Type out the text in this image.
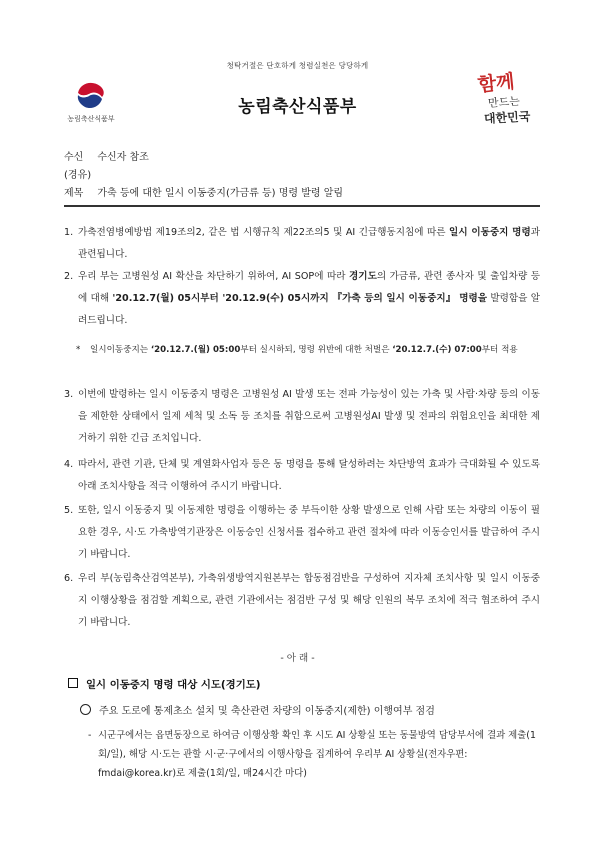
청탁거절은 단호하게 청렴실천은 당당하게
농림축산식품부
농림축산식품부
함께
만드는
대한민국
수신 수신자 참조
(경유)
제목 가축 등에 대한 일시 이동중지(가금류 등) 명령 발령 알림
1. 가축전염병예방법 제19조의2, 같은 법 시행규칙 제22조의5 및 AI 긴급행동지침에 따른 일시 이동중지 명령과 관련됩니다.
2. 우리 부는 고병원성 AI 확산을 차단하기 위하여, AI SOP에 따라 경기도의 가금류, 관련 종사자 및 출입차량 등에 대해 '20.12.7(월) 05시부터 '20.12.9(수) 05시까지 『가축 등의 일시 이동중지』 명령을 발령함을 알려드립니다.
*	일시이동중지는 ‘20.12.7.(월) 05:00부터 실시하되, 명령 위반에 대한 처벌은 ‘20.12.7.(수) 07:00부터 적용
3. 이번에 발령하는 일시 이동중지 명령은 고병원성 AI 발생 또는 전파 가능성이 있는 가축 및 사람·차량 등의 이동을 제한한 상태에서 일제 세척 및 소독 등 조치를 취함으로써 고병원성AI 발생 및 전파의 위험요인을 최대한 제거하기 위한 긴급 조치입니다.
4. 따라서, 관련 기관, 단체 및 계열화사업자 등은 동 명령을 통해 달성하려는 차단방역 효과가 극대화될 수 있도록 아래 조치사항을 적극 이행하여 주시기 바랍니다.
5. 또한, 일시 이동중지 및 이동제한 명령을 이행하는 중 부득이한 상황 발생으로 인해 사람 또는 차량의 이동이 필요한 경우, 시·도 가축방역기관장은 이동승인 신청서를 접수하고 관련 절차에 따라 이동승인서를 발급하여 주시기 바랍니다.
6. 우리 부(농림축산검역본부), 가축위생방역지원본부는 합동점검반을 구성하여 지자체 조치사항 및 일시 이동중지 이행상황을 점검할 계획으로, 관련 기관에서는 점검반 구성 및 해당 인원의 복무 조치에 적극 협조하여 주시기 바랍니다.
- 아 래 -
일시 이동중지 명령 대상 시도(경기도)
주요 도로에 통제초소 설치 및 축산관련 차량의 이동중지(제한) 이행여부 점검
- 시군구에서는 읍면동장으로 하여금 이행상황 확인 후 시도 AI 상황실 또는 동물방역 담당부서에 결과 제출(1회/일), 해당 시·도는 관할 시·군·구에서의 이행사항을 집계하여 우리부 AI 상황실(전자우편: fmdai@korea.kr)로 제출(1회/일, 매24시간 마다)
